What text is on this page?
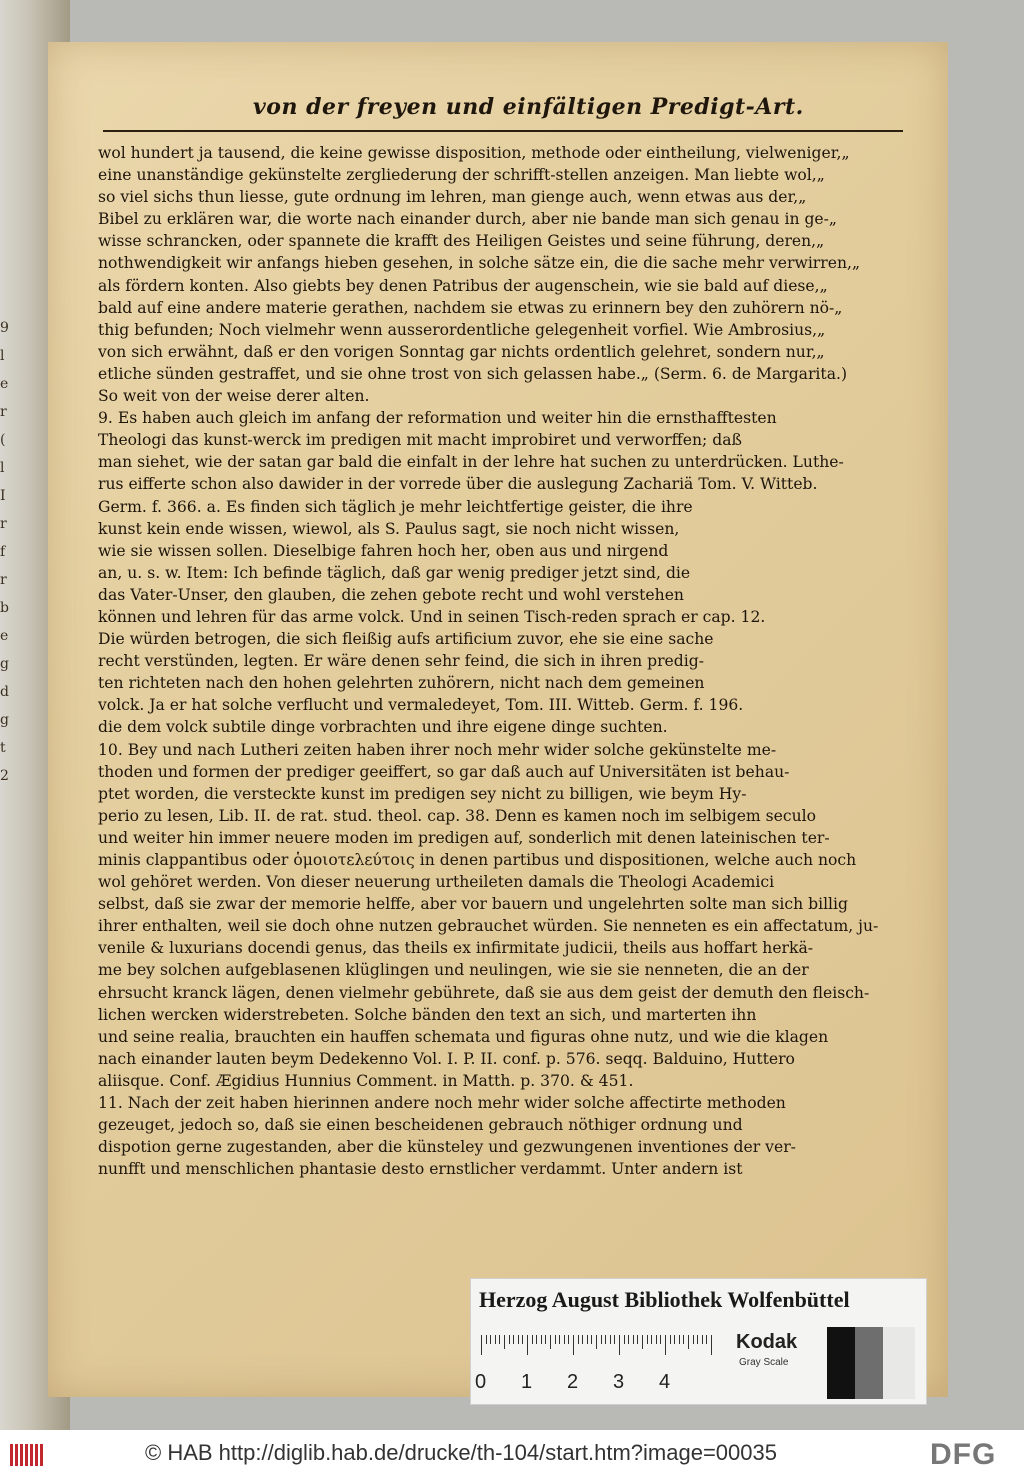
9
l
e
r
(
l
I
r
f
r
b
e
g
d
g
t
2
von der freyen und einfältigen Predigt-Art.
wol hundert ja tausend, die keine gewisse disposition, methode oder eintheilung, vielweniger,„
eine unanständige gekünstelte zergliederung der schrifft-stellen anzeigen. Man liebte wol,„
so viel sichs thun liesse, gute ordnung im lehren, man gienge auch, wenn etwas aus der,„
Bibel zu erklären war, die worte nach einander durch, aber nie bande man sich genau in ge-„
wisse schrancken, oder spannete die krafft des Heiligen Geistes und seine führung, deren,„
nothwendigkeit wir anfangs hieben gesehen, in solche sätze ein, die die sache mehr verwirren,„
als fördern konten. Also giebts bey denen Patribus der augenschein, wie sie bald auf diese,„
bald auf eine andere materie gerathen, nachdem sie etwas zu erinnern bey den zuhörern nö-„
thig befunden; Noch vielmehr wenn ausserordentliche gelegenheit vorfiel. Wie Ambrosius,„
von sich erwähnt, daß er den vorigen Sonntag gar nichts ordentlich gelehret, sondern nur,„
etliche sünden gestraffet, und sie ohne trost von sich gelassen habe.„ (Serm. 6. de Margarita.)
So weit von der weise derer alten.
9. Es haben auch gleich im anfang der reformation und weiter hin die ernsthafftesten
Theologi das kunst-werck im predigen mit macht improbiret und verworffen; daß
man siehet, wie der satan gar bald die einfalt in der lehre hat suchen zu unterdrücken. Luthe-
rus eifferte schon also dawider in der vorrede über die auslegung Zachariä Tom. V. Witteb.
Germ. f. 366. a. Es finden sich täglich je mehr leichtfertige geister, die ihre
kunst kein ende wissen, wiewol, als S. Paulus sagt, sie noch nicht wissen,
wie sie wissen sollen. Dieselbige fahren hoch her, oben aus und nirgend
an, u. s. w. Item: Ich befinde täglich, daß gar wenig prediger jetzt sind, die
das Vater-Unser, den glauben, die zehen gebote recht und wohl verstehen
können und lehren für das arme volck. Und in seinen Tisch-reden sprach er cap. 12.
Die würden betrogen, die sich fleißig aufs artificium zuvor, ehe sie eine sache
recht verstünden, legten. Er wäre denen sehr feind, die sich in ihren predig-
ten richteten nach den hohen gelehrten zuhörern, nicht nach dem gemeinen
volck. Ja er hat solche verflucht und vermaledeyet, Tom. III. Witteb. Germ. f. 196.
die dem volck subtile dinge vorbrachten und ihre eigene dinge suchten.
10. Bey und nach Lutheri zeiten haben ihrer noch mehr wider solche gekünstelte me-
thoden und formen der prediger geeiffert, so gar daß auch auf Universitäten ist behau-
ptet worden, die versteckte kunst im predigen sey nicht zu billigen, wie beym Hy-
perio zu lesen, Lib. II. de rat. stud. theol. cap. 38. Denn es kamen noch im selbigem seculo
und weiter hin immer neuere moden im predigen auf, sonderlich mit denen lateinischen ter-
minis clappantibus oder ὁμοιοτελεύτοις in denen partibus und dispositionen, welche auch noch
wol gehöret werden. Von dieser neuerung urtheileten damals die Theologi Academici
selbst, daß sie zwar der memorie helffe, aber vor bauern und ungelehrten solte man sich billig
ihrer enthalten, weil sie doch ohne nutzen gebrauchet würden. Sie nenneten es ein affectatum, ju-
venile & luxurians docendi genus, das theils ex infirmitate judicii, theils aus hoffart herkä-
me bey solchen aufgeblasenen klüglingen und neulingen, wie sie sie nenneten, die an der
ehrsucht kranck lägen, denen vielmehr gebührete, daß sie aus dem geist der demuth den fleisch-
lichen wercken widerstrebeten. Solche bänden den text an sich, und marterten ihn
und seine realia, brauchten ein hauffen schemata und figuras ohne nutz, und wie die klagen
nach einander lauten beym Dedekenno Vol. I. P. II. conf. p. 576. seqq. Balduino, Huttero
aliisque. Conf. Ægidius Hunnius Comment. in Matth. p. 370. & 451.
11. Nach der zeit haben hierinnen andere noch mehr wider solche affectirte methoden
gezeuget, jedoch so, daß sie einen bescheidenen gebrauch nöthiger ordnung und
dispotion gerne zugestanden, aber die künsteley und gezwungenen inventiones der ver-
nunfft und menschlichen phantasie desto ernstlicher verdammt. Unter andern ist
Herzog August Bibliothek Wolfenbüttel
0 1 2 3 4
Kodak
Gray Scale
© HAB http://diglib.hab.de/drucke/th-104/start.htm?image=00035	DFG
